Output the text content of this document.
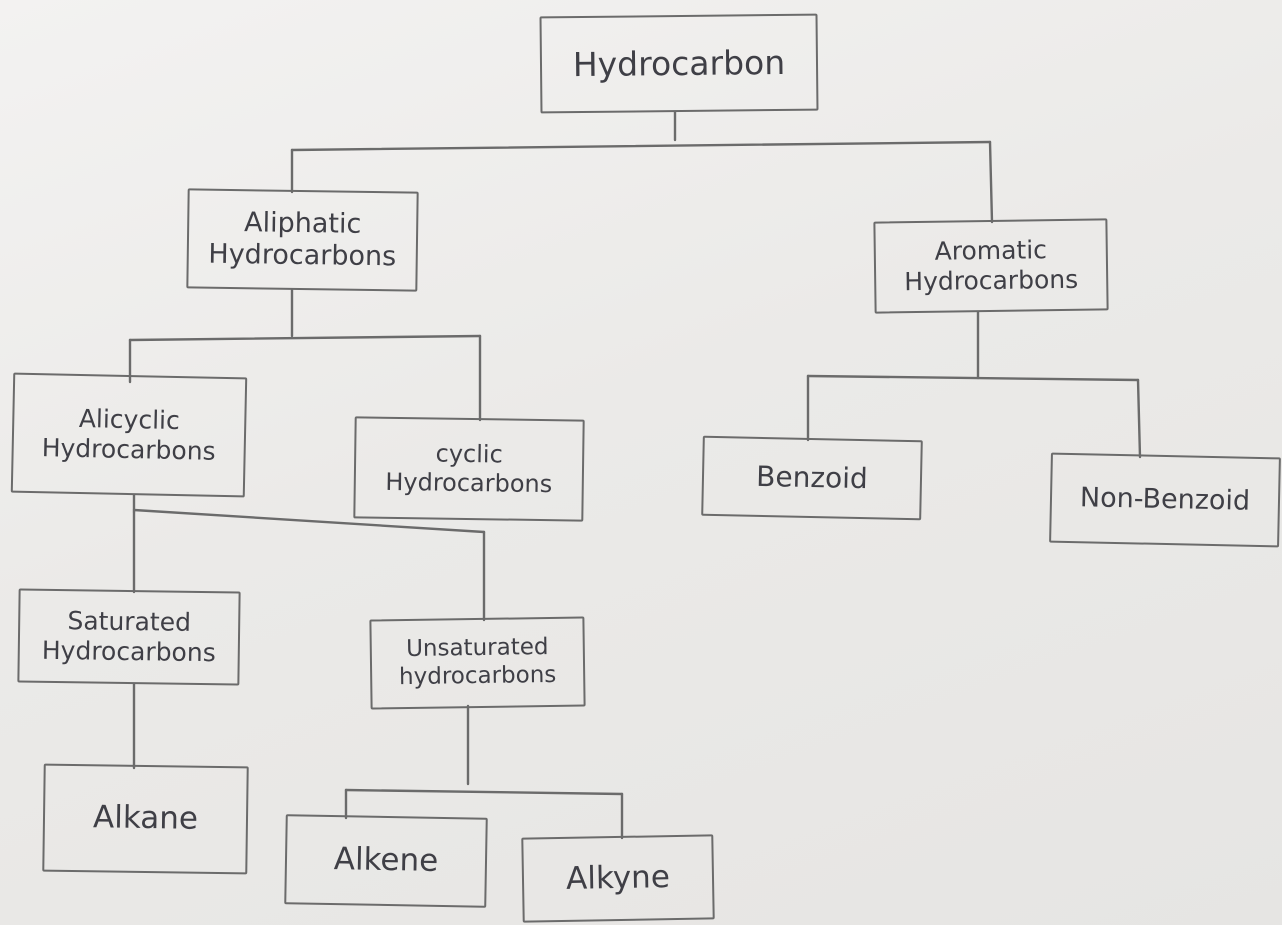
Hydrocarbon
Aliphatic
Hydrocarbons	Aromatic
Hydrocarbons
Alicyclic
Hydrocarbons	cyclic
Hydrocarbons	Benzoid
Non-Benzoid
Saturated
Hydrocarbons	Unsaturated
hydrocarbons
Alkane
Alkene	Alkyne
